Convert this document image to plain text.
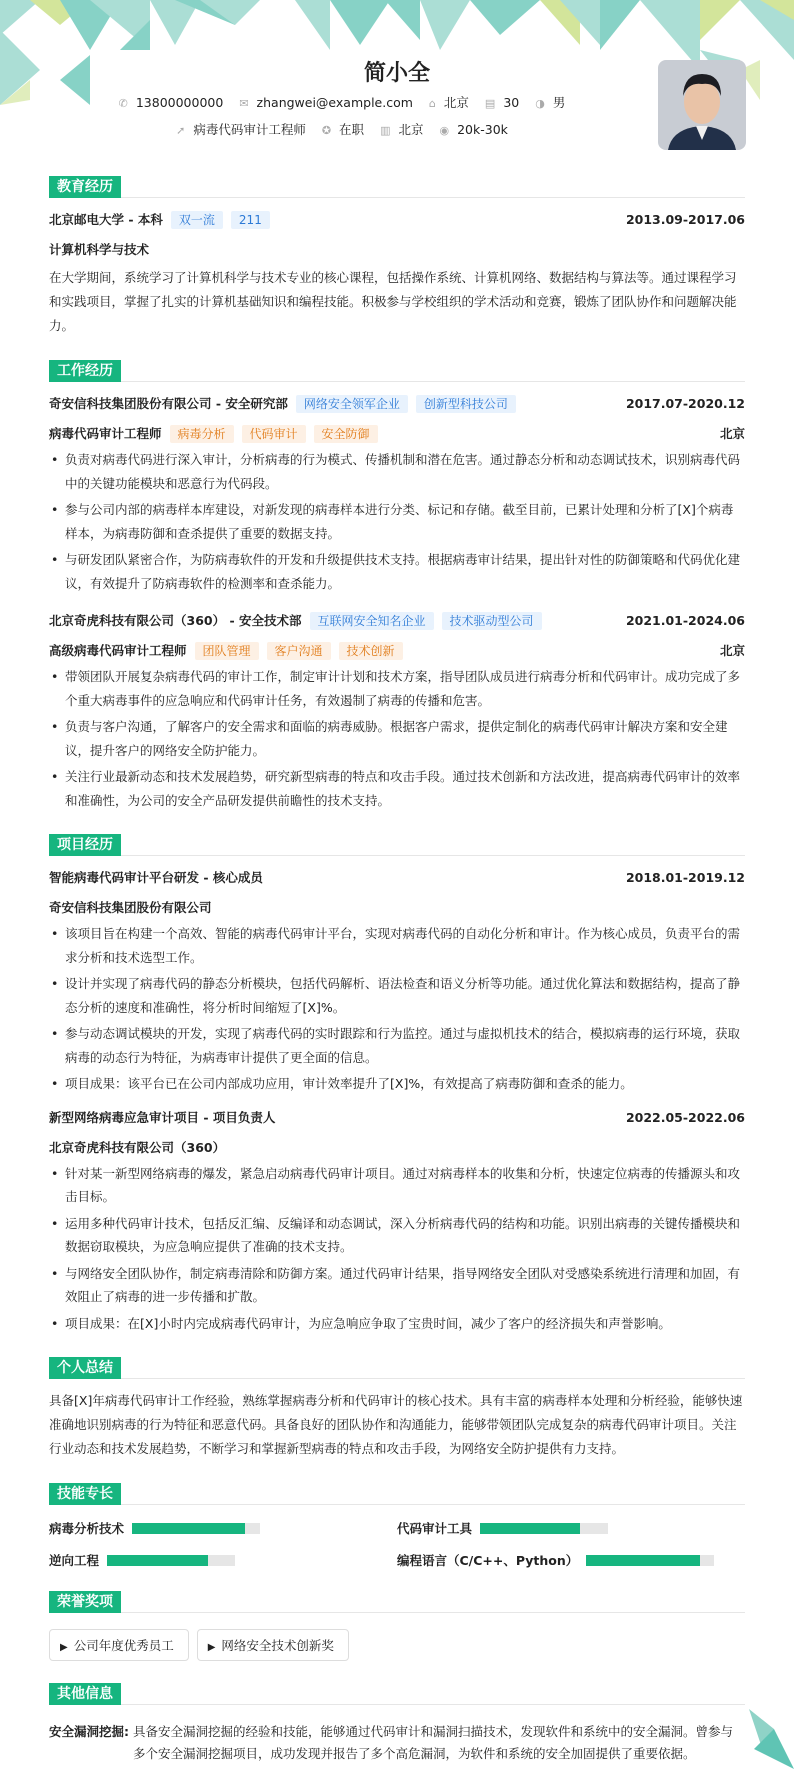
简小全
✆ 13800000000 ✉ zhangwei@example.com ⌂ 北京 ▤ 30 ◑ 男
➚ 病毒代码审计工程师 ✪ 在职 ▥ 北京 ◉ 20k-30k
教育经历
北京邮电大学 - 本科	双一流	211	2013.09-2017.06
计算机科学与技术

在大学期间，系统学习了计算机科学与技术专业的核心课程，包括操作系统、计算机网络、数据结构与算法等。通过课程学习和实践项目，掌握了扎实的计算机基础知识和编程技能。积极参与学校组织的学术活动和竞赛，锻炼了团队协作和问题解决能力。

工作经历
奇安信科技集团股份有限公司 - 安全研究部	网络安全领军企业	创新型科技公司	2017.07-2020.12
病毒代码审计工程师	病毒分析	代码审计	安全防御	北京
• 负责对病毒代码进行深入审计，分析病毒的行为模式、传播机制和潜在危害。通过静态分析和动态调试技术，识别病毒代码中的关键功能模块和恶意行为代码段。
• 参与公司内部的病毒样本库建设，对新发现的病毒样本进行分类、标记和存储。截至目前，已累计处理和分析了[X]个病毒样本，为病毒防御和查杀提供了重要的数据支持。
• 与研发团队紧密合作，为防病毒软件的开发和升级提供技术支持。根据病毒审计结果，提出针对性的防御策略和代码优化建议，有效提升了防病毒软件的检测率和查杀能力。
北京奇虎科技有限公司（360） - 安全技术部	互联网安全知名企业	技术驱动型公司	2021.01-2024.06
高级病毒代码审计工程师	团队管理	客户沟通	技术创新	北京
• 带领团队开展复杂病毒代码的审计工作，制定审计计划和技术方案，指导团队成员进行病毒分析和代码审计。成功完成了多个重大病毒事件的应急响应和代码审计任务，有效遏制了病毒的传播和危害。
• 负责与客户沟通，了解客户的安全需求和面临的病毒威胁。根据客户需求，提供定制化的病毒代码审计解决方案和安全建议，提升客户的网络安全防护能力。
• 关注行业最新动态和技术发展趋势，研究新型病毒的特点和攻击手段。通过技术创新和方法改进，提高病毒代码审计的效率和准确性，为公司的安全产品研发提供前瞻性的技术支持。
项目经历
智能病毒代码审计平台研发 - 核心成员	2018.01-2019.12
奇安信科技集团股份有限公司
• 该项目旨在构建一个高效、智能的病毒代码审计平台，实现对病毒代码的自动化分析和审计。作为核心成员，负责平台的需求分析和技术选型工作。
• 设计并实现了病毒代码的静态分析模块，包括代码解析、语法检查和语义分析等功能。通过优化算法和数据结构，提高了静态分析的速度和准确性，将分析时间缩短了[X]%。
• 参与动态调试模块的开发，实现了病毒代码的实时跟踪和行为监控。通过与虚拟机技术的结合，模拟病毒的运行环境，获取病毒的动态行为特征，为病毒审计提供了更全面的信息。
• 项目成果：该平台已在公司内部成功应用，审计效率提升了[X]%，有效提高了病毒防御和查杀的能力。
新型网络病毒应急审计项目 - 项目负责人	2022.05-2022.06
北京奇虎科技有限公司（360）
• 针对某一新型网络病毒的爆发，紧急启动病毒代码审计项目。通过对病毒样本的收集和分析，快速定位病毒的传播源头和攻击目标。
• 运用多种代码审计技术，包括反汇编、反编译和动态调试，深入分析病毒代码的结构和功能。识别出病毒的关键传播模块和数据窃取模块，为应急响应提供了准确的技术支持。
• 与网络安全团队协作，制定病毒清除和防御方案。通过代码审计结果，指导网络安全团队对受感染系统进行清理和加固，有效阻止了病毒的进一步传播和扩散。
• 项目成果：在[X]小时内完成病毒代码审计，为应急响应争取了宝贵时间，减少了客户的经济损失和声誉影响。
个人总结

具备[X]年病毒代码审计工作经验，熟练掌握病毒分析和代码审计的核心技术。具有丰富的病毒样本处理和分析经验，能够快速准确地识别病毒的行为特征和恶意代码。具备良好的团队协作和沟通能力，能够带领团队完成复杂的病毒代码审计项目。关注行业动态和技术发展趋势，不断学习和掌握新型病毒的特点和攻击手段，为网络安全防护提供有力支持。

技能专长
病毒分析技术	代码审计工具
逆向工程	编程语言（C/C++、Python）
荣誉奖项
▶ 公司年度优秀员工	▶ 网络安全技术创新奖
其他信息
安全漏洞挖掘: 具备安全漏洞挖掘的经验和技能，能够通过代码审计和漏洞扫描技术，发现软件和系统中的安全漏洞。曾参与多个安全漏洞挖掘项目，成功发现并报告了多个高危漏洞，为软件和系统的安全加固提供了重要依据。
